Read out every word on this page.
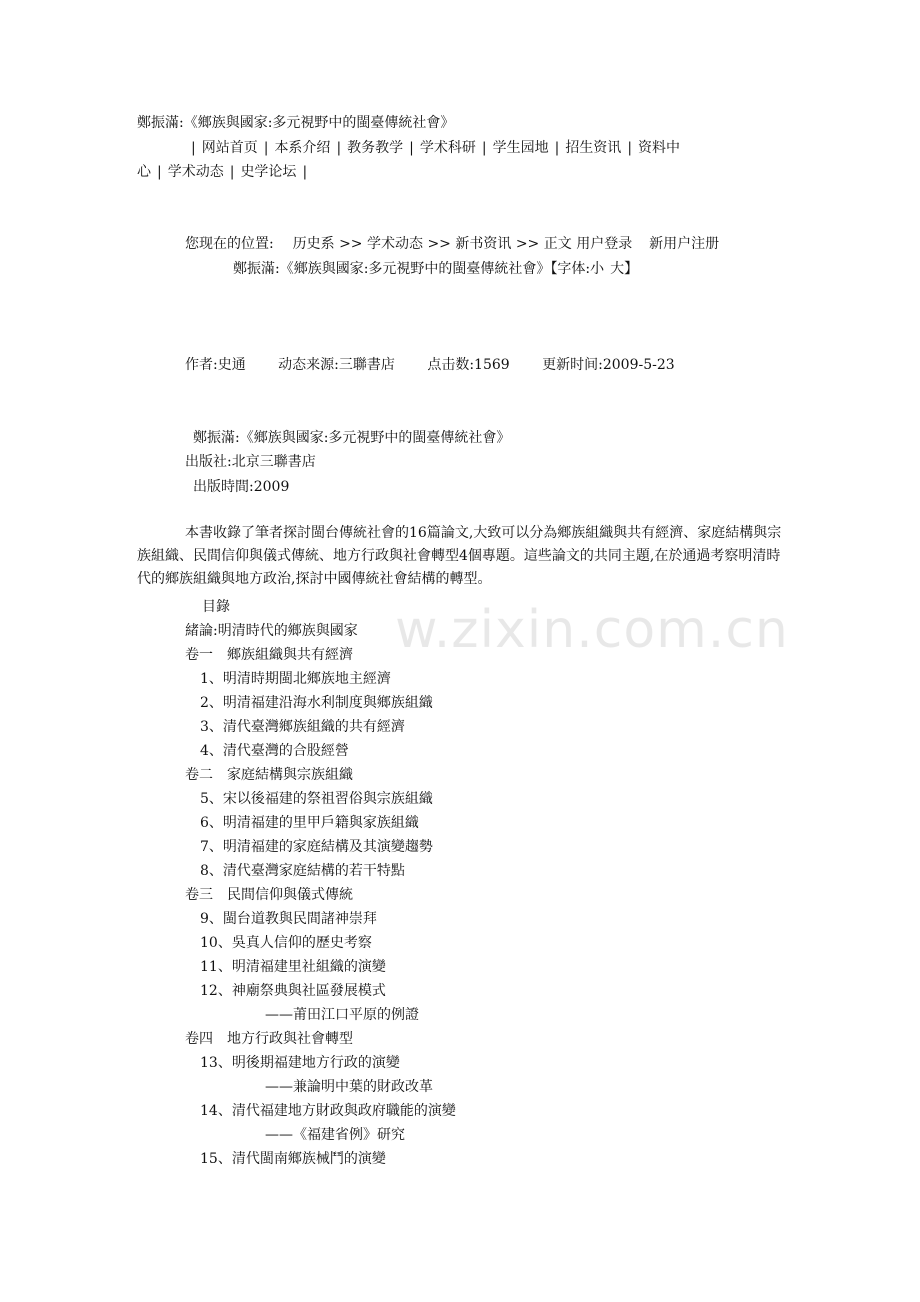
鄭振滿:《鄉族與國家:多元視野中的閩臺傳統社會》
| 网站首页 | 本系介绍 | 教务教学 | 学术科研 | 学生园地 | 招生资讯 | 资料中
心 | 学术动态 | 史学论坛 |
您现在的位置: 历史系 >> 学术动态 >> 新书资讯 >> 正文 用户登录 新用户注册
鄭振滿:《鄉族與國家:多元視野中的閩臺傳統社會》【字体:小 大】
作者:史通 动态来源:三聯書店 点击数:1569 更新时间:2009-5-23
鄭振滿:《鄉族與國家:多元視野中的閩臺傳統社會》
出版社:北京三聯書店
出版時間:2009
本書收錄了筆者探討閩台傳統社會的16篇論文,大致可以分為鄉族組織與共有經濟、家庭結構與宗族組織、民間信仰與儀式傳統、地方行政與社會轉型4個專題。這些論文的共同主題,在於通過考察明清時代的鄉族組織與地方政治,探討中國傳統社會結構的轉型。
目錄
緒論:明清時代的鄉族與國家
卷一　鄉族組織與共有經濟
1、明清時期閩北鄉族地主經濟
2、明清福建沿海水利制度與鄉族組織
3、清代臺灣鄉族組織的共有經濟
4、清代臺灣的合股經營
卷二　家庭結構與宗族組織
5、宋以後福建的祭祖習俗與宗族組織
6、明清福建的里甲戶籍與家族組織
7、明清福建的家庭結構及其演變趨勢
8、清代臺灣家庭結構的若干特點
卷三　民間信仰與儀式傳統
9、閩台道教與民間諸神崇拜
10、吳真人信仰的歷史考察
11、明清福建里社組織的演變
12、神廟祭典與社區發展模式
——莆田江口平原的例證
卷四　地方行政與社會轉型
13、明後期福建地方行政的演變
——兼論明中葉的財政改革
14、清代福建地方財政與政府職能的演變
——《福建省例》研究
15、清代閩南鄉族械鬥的演變
w.zixin.com.cn
